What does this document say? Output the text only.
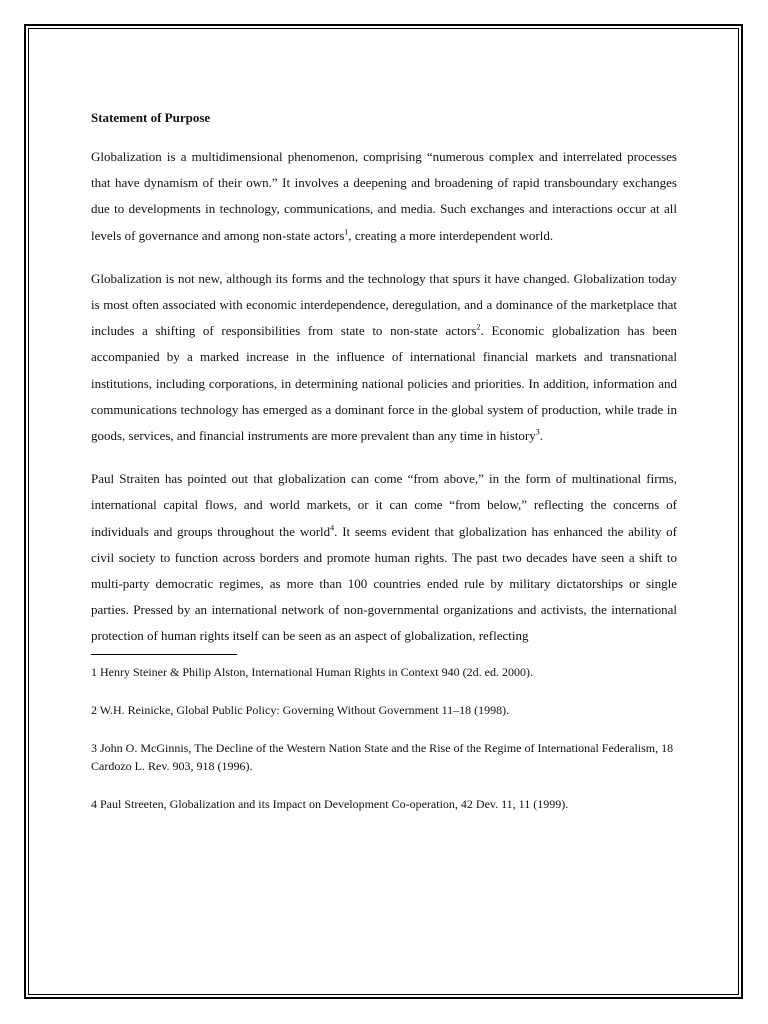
Statement of Purpose

Globalization is a multidimensional phenomenon, comprising “numerous complex and interrelated processes that have dynamism of their own.” It involves a deepening and broadening of rapid transboundary exchanges due to developments in technology, communications, and media. Such exchanges and interactions occur at all levels of governance and among non-state actors$^1$, creating a more interdependent world.

Globalization is not new, although its forms and the technology that spurs it have changed. Globalization today is most often associated with economic interdependence, deregulation, and a dominance of the marketplace that includes a shifting of responsibilities from state to non-state actors$^2$. Economic globalization has been accompanied by a marked increase in the influence of international financial markets and transnational institutions, including corporations, in determining national policies and priorities. In addition, information and communications technology has emerged as a dominant force in the global system of production, while trade in goods, services, and financial instruments are more prevalent than any time in history$^3$.

Paul Straiten has pointed out that globalization can come “from above,” in the form of multinational firms, international capital flows, and world markets, or it can come “from below,” reflecting the concerns of individuals and groups throughout the world$^4$. It seems evident that globalization has enhanced the ability of civil society to function across borders and promote human rights. The past two decades have seen a shift to multi-party democratic regimes, as more than 100 countries ended rule by military dictatorships or single parties. Pressed by an international network of non-governmental organizations and activists, the international protection of human rights itself can be seen as an aspect of globalization, reflecting

1 Henry Steiner & Philip Alston, International Human Rights in Context 940 (2d. ed. 2000).

2 W.H. Reinicke, Global Public Policy: Governing Without Government 11–18 (1998).

3 John O. McGinnis, The Decline of the Western Nation State and the Rise of the Regime of International Federalism, 18 Cardozo L. Rev. 903, 918 (1996).

4 Paul Streeten, Globalization and its Impact on Development Co-operation, 42 Dev. 11, 11 (1999).
